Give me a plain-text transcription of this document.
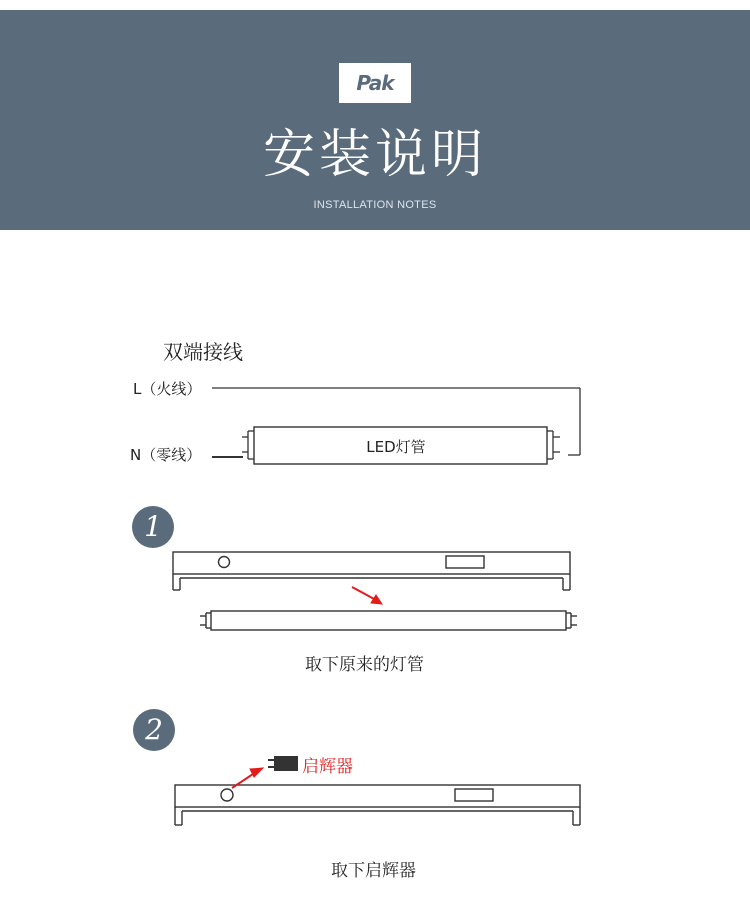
Pak
安装说明
INSTALLATION NOTES
双端接线
L（火线）
N（零线）	LED灯管
1
取下原来的灯管
2
启辉器
取下启辉器
